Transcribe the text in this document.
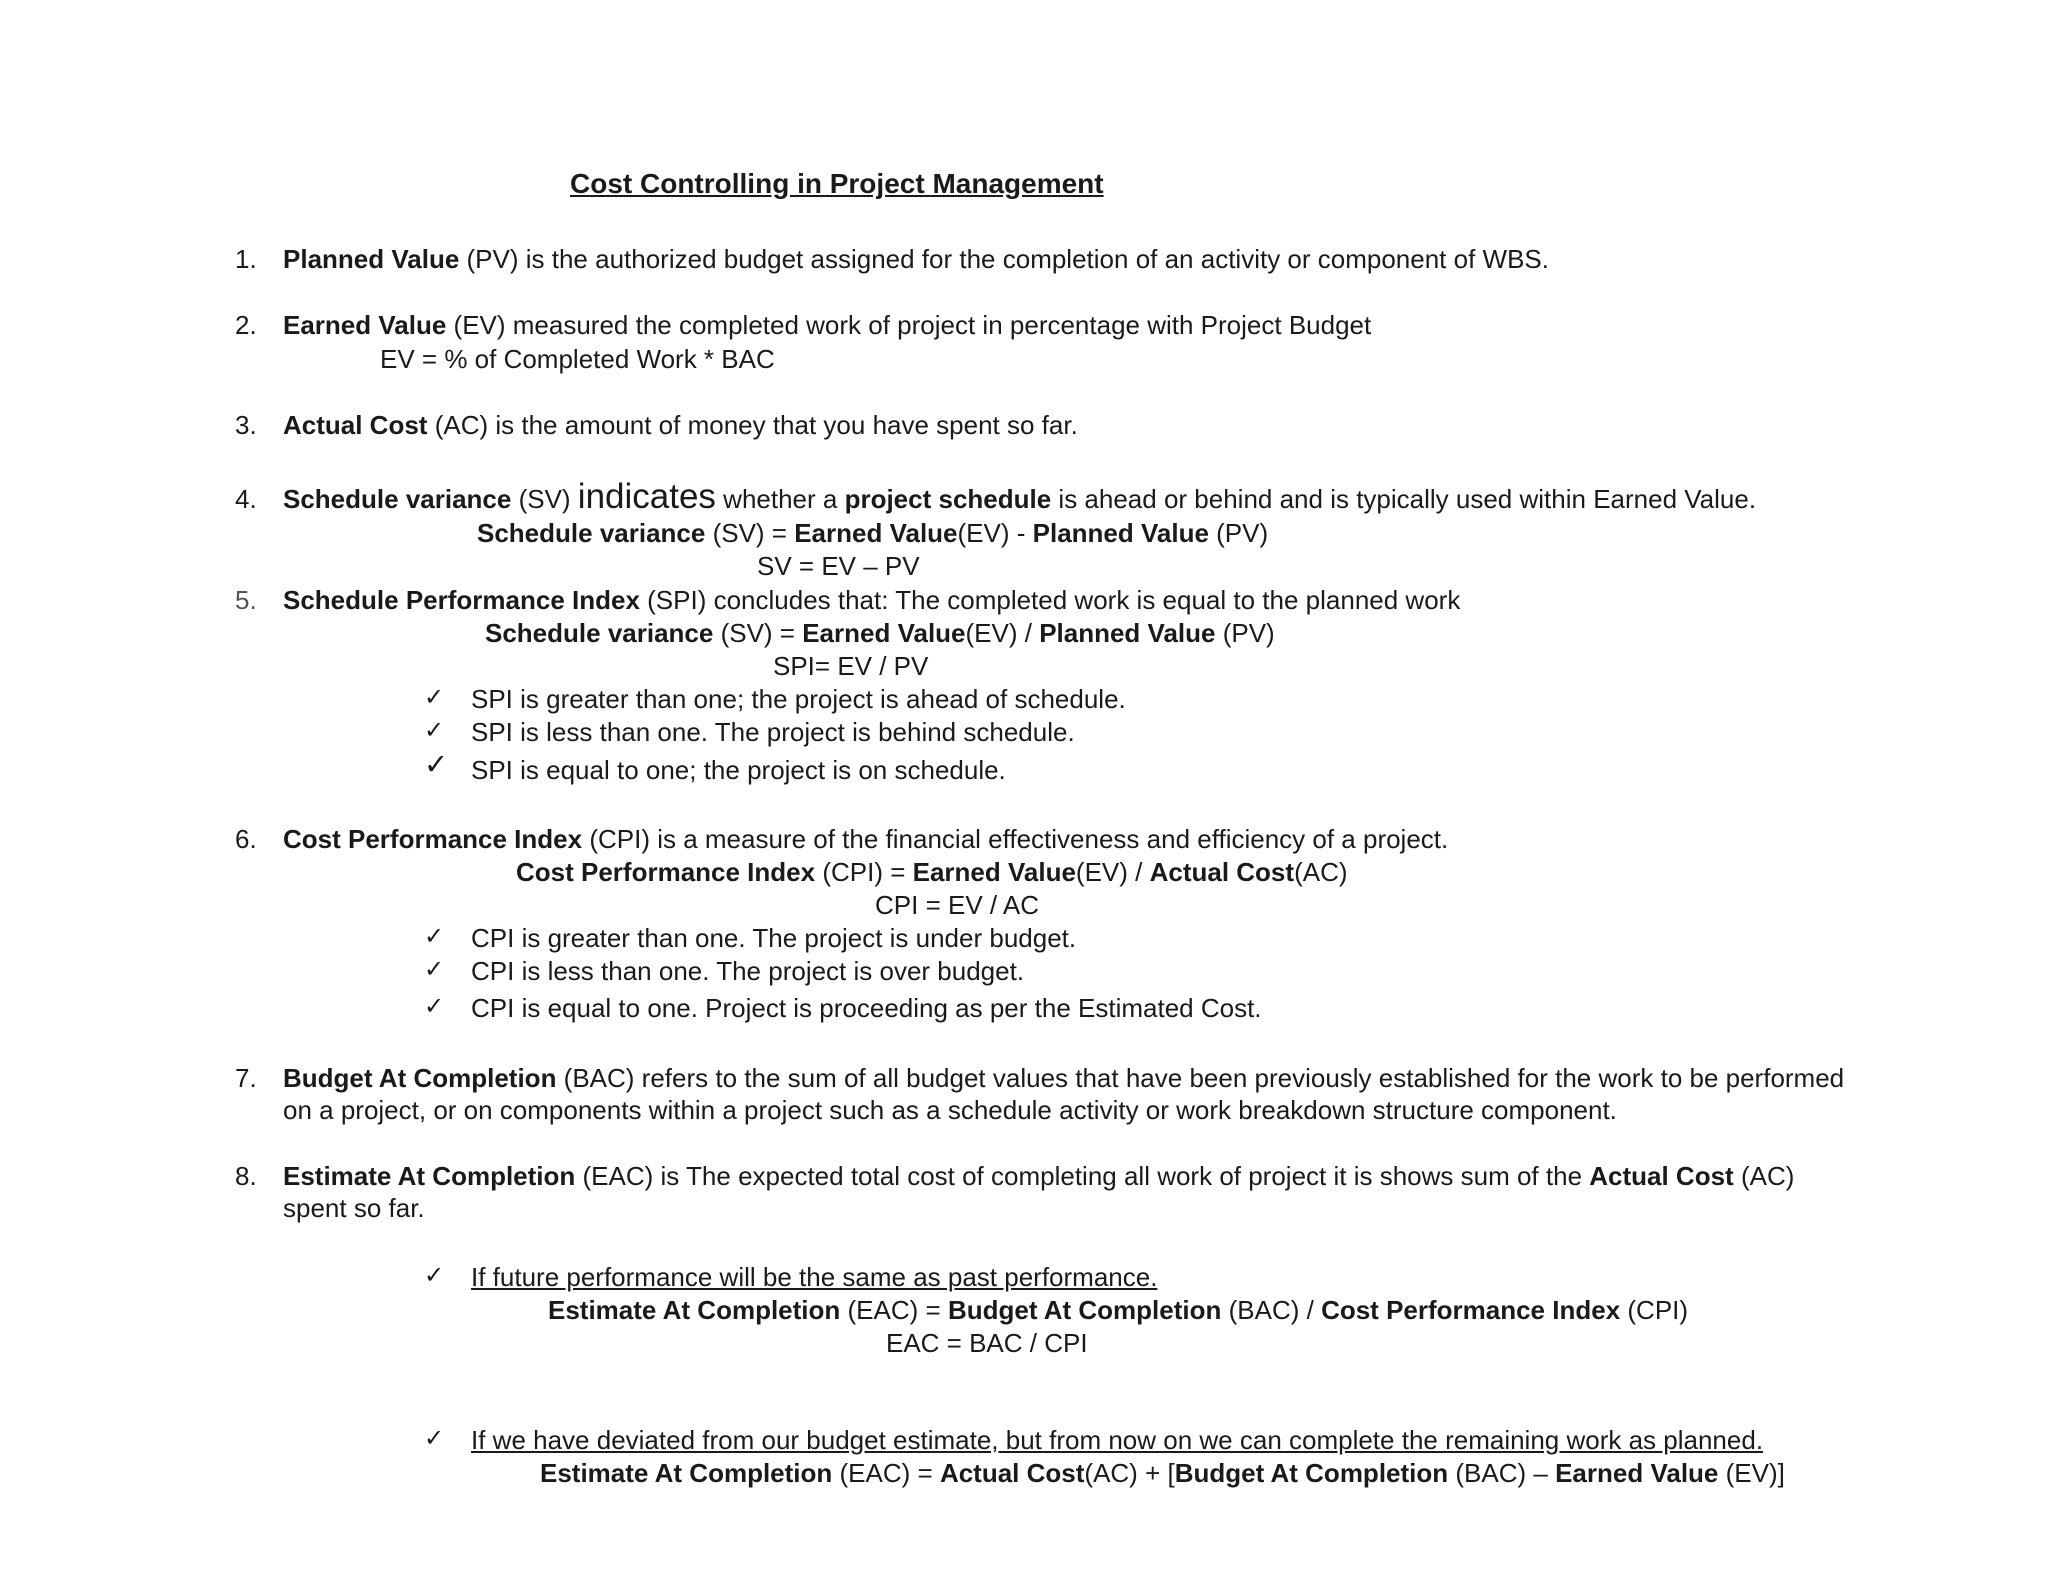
Cost Controlling in Project Management
1. Planned Value (PV) is the authorized budget assigned for the completion of an activity or component of WBS.
2. Earned Value (EV) measured the completed work of project in percentage with Project Budget
EV = % of Completed Work * BAC
3. Actual Cost (AC) is the amount of money that you have spent so far.
4. Schedule variance (SV) indicates whether a project schedule is ahead or behind and is typically used within Earned Value.
Schedule variance (SV) = Earned Value(EV) - Planned Value (PV)
SV = EV – PV
5. Schedule Performance Index (SPI) concludes that: The completed work is equal to the planned work
Schedule variance (SV) = Earned Value(EV) / Planned Value (PV)
SPI= EV / PV
✓ SPI is greater than one; the project is ahead of schedule.
✓ SPI is less than one. The project is behind schedule.
✓ SPI is equal to one; the project is on schedule.
6. Cost Performance Index (CPI) is a measure of the financial effectiveness and efficiency of a project.
Cost Performance Index (CPI) = Earned Value(EV) / Actual Cost(AC)
CPI = EV / AC
✓ CPI is greater than one. The project is under budget.
✓ CPI is less than one. The project is over budget.
✓ CPI is equal to one. Project is proceeding as per the Estimated Cost.
7. Budget At Completion (BAC) refers to the sum of all budget values that have been previously established for the work to be performed
on a project, or on components within a project such as a schedule activity or work breakdown structure component.
8. Estimate At Completion (EAC) is The expected total cost of completing all work of project it is shows sum of the Actual Cost (AC)
spent so far.
✓ If future performance will be the same as past performance.
Estimate At Completion (EAC) = Budget At Completion (BAC) / Cost Performance Index (CPI)
EAC = BAC / CPI
✓ If we have deviated from our budget estimate, but from now on we can complete the remaining work as planned.
Estimate At Completion (EAC) = Actual Cost(AC) + [Budget At Completion (BAC) – Earned Value (EV)]
